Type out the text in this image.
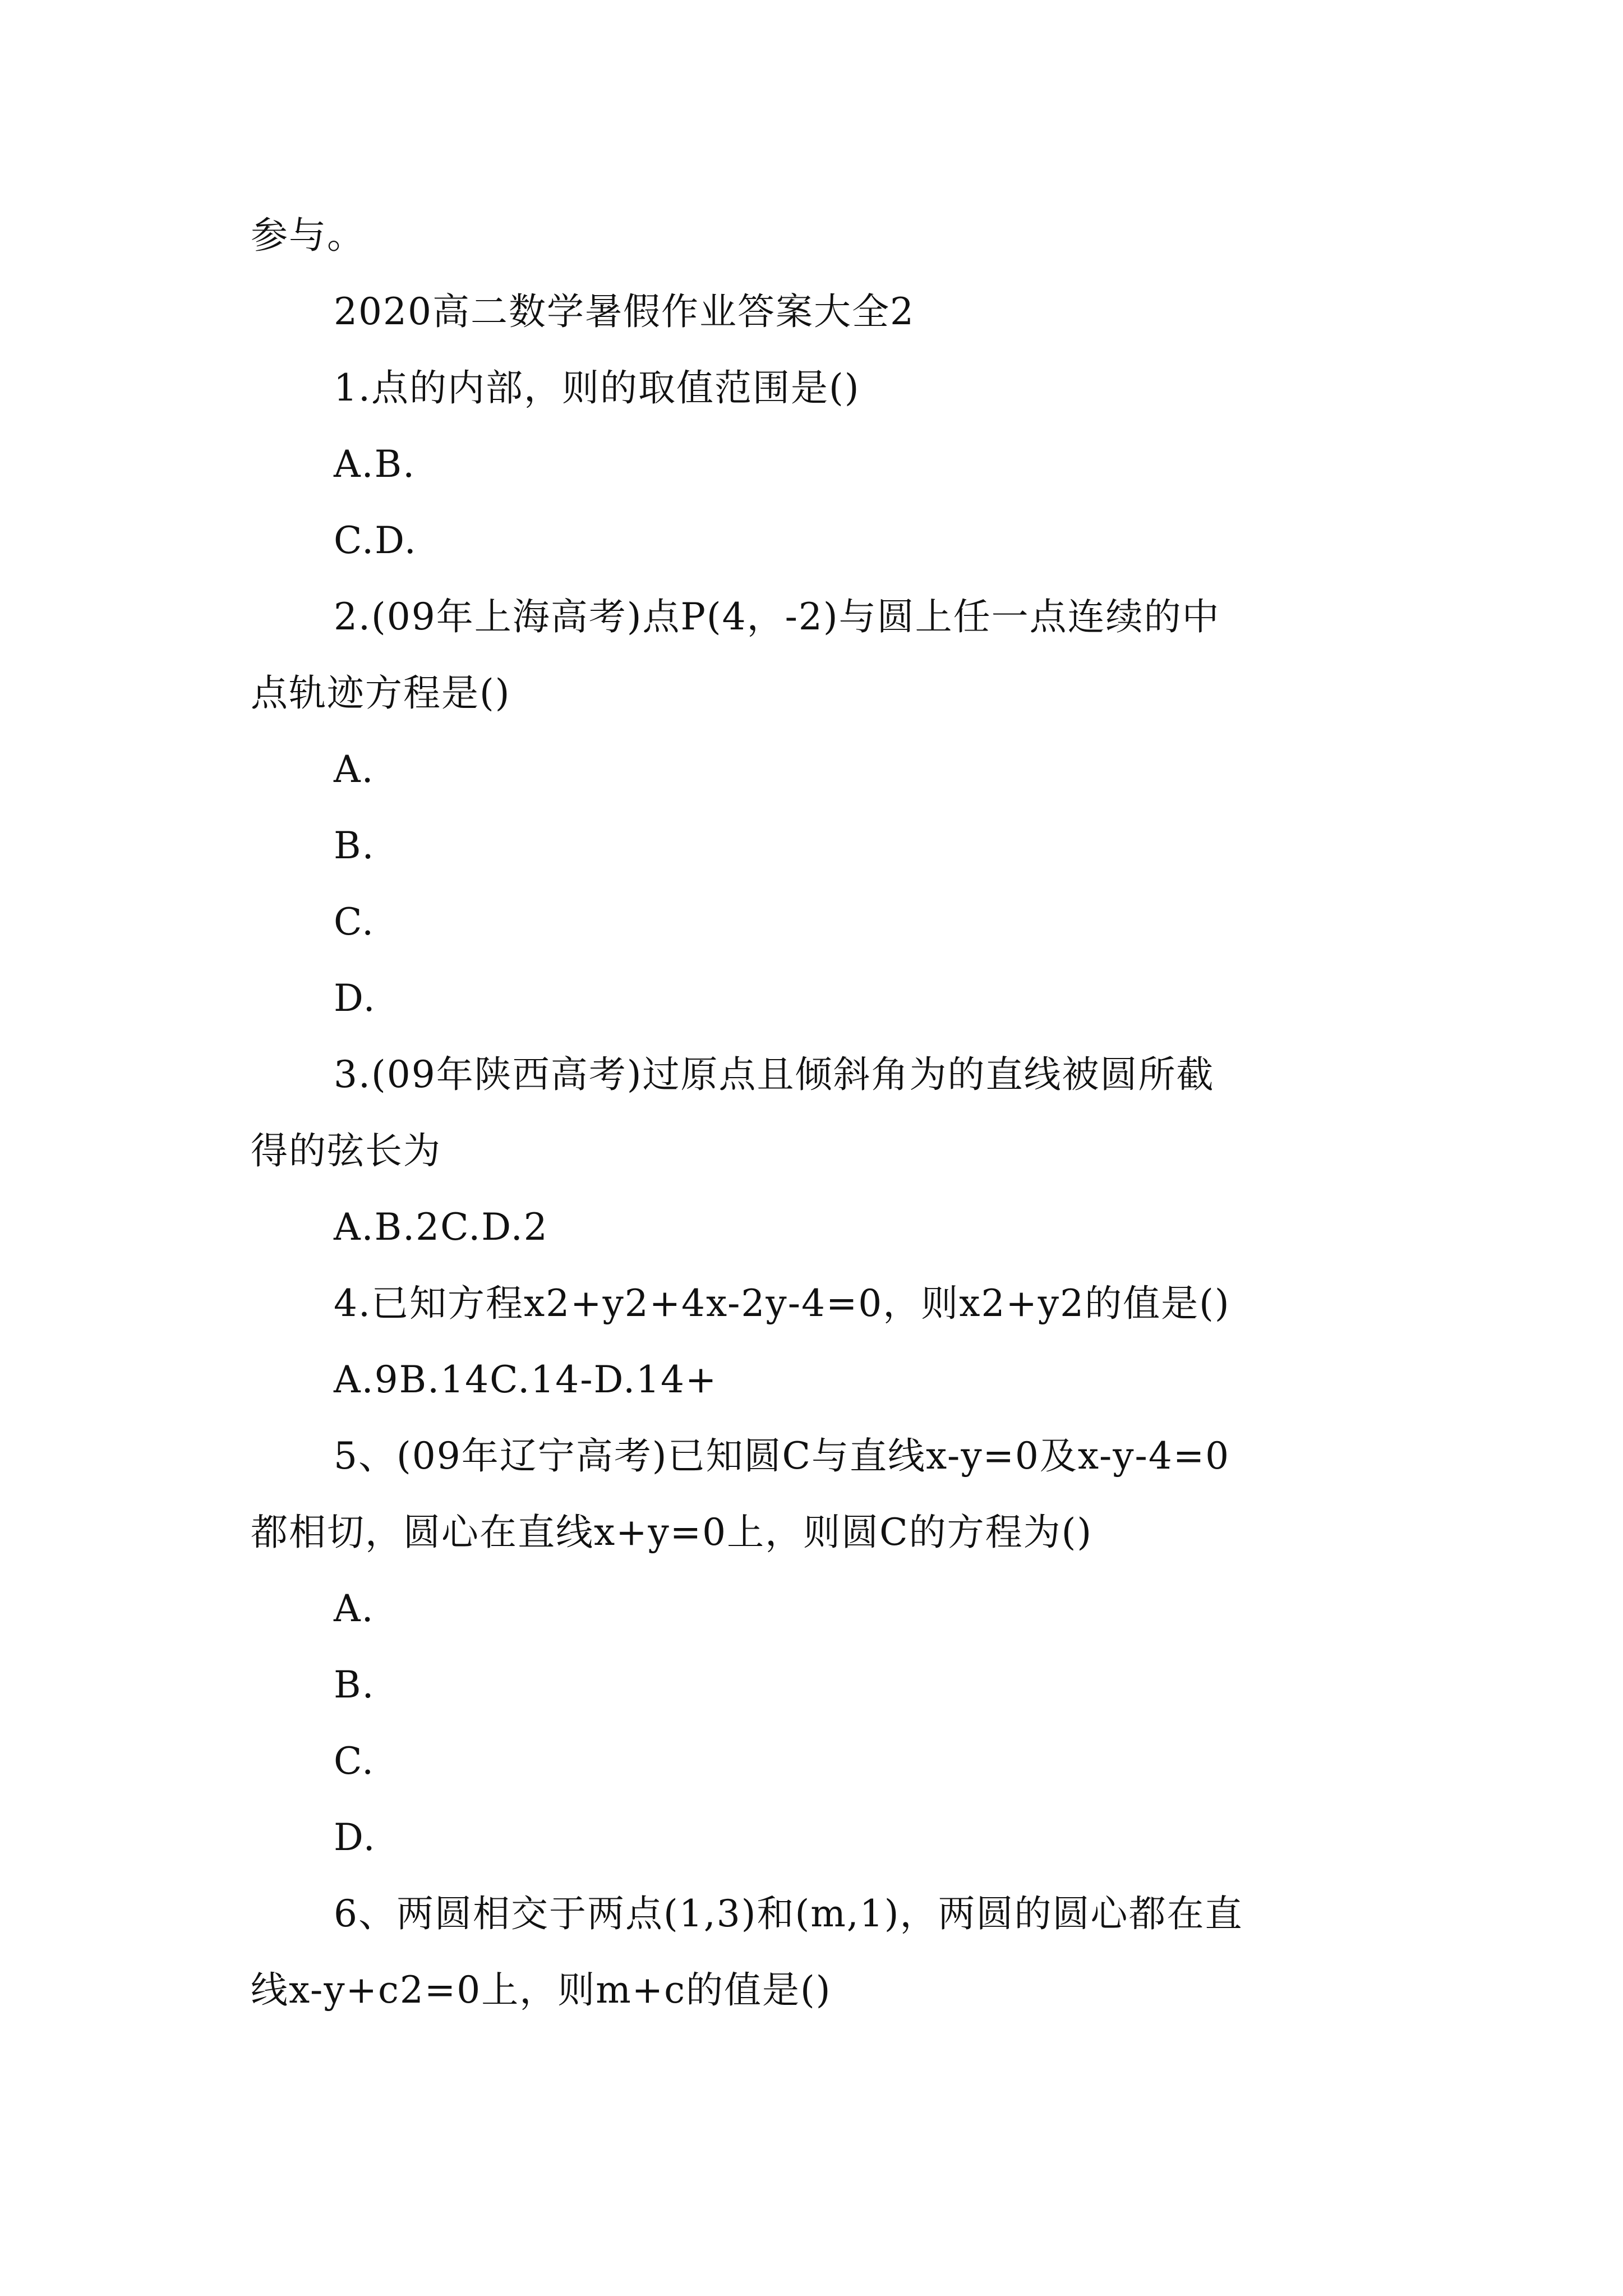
参与。
2020高二数学暑假作业答案大全2
1.点的内部，则的取值范围是()
A.B.
C.D.
2.(09年上海高考)点P(4，-2)与圆上任一点连续的中
点轨迹方程是()
A.
B.
C.
D.
3.(09年陕西高考)过原点且倾斜角为的直线被圆所截
得的弦长为
A.B.2C.D.2
4.已知方程x2+y2+4x-2y-4=0，则x2+y2的值是()
A.9B.14C.14-D.14+
5、(09年辽宁高考)已知圆C与直线x-y=0及x-y-4=0
都相切，圆心在直线x+y=0上，则圆C的方程为()
A.
B.
C.
D.
6、两圆相交于两点(1,3)和(m,1)，两圆的圆心都在直
线x-y+c2=0上，则m+c的值是()
